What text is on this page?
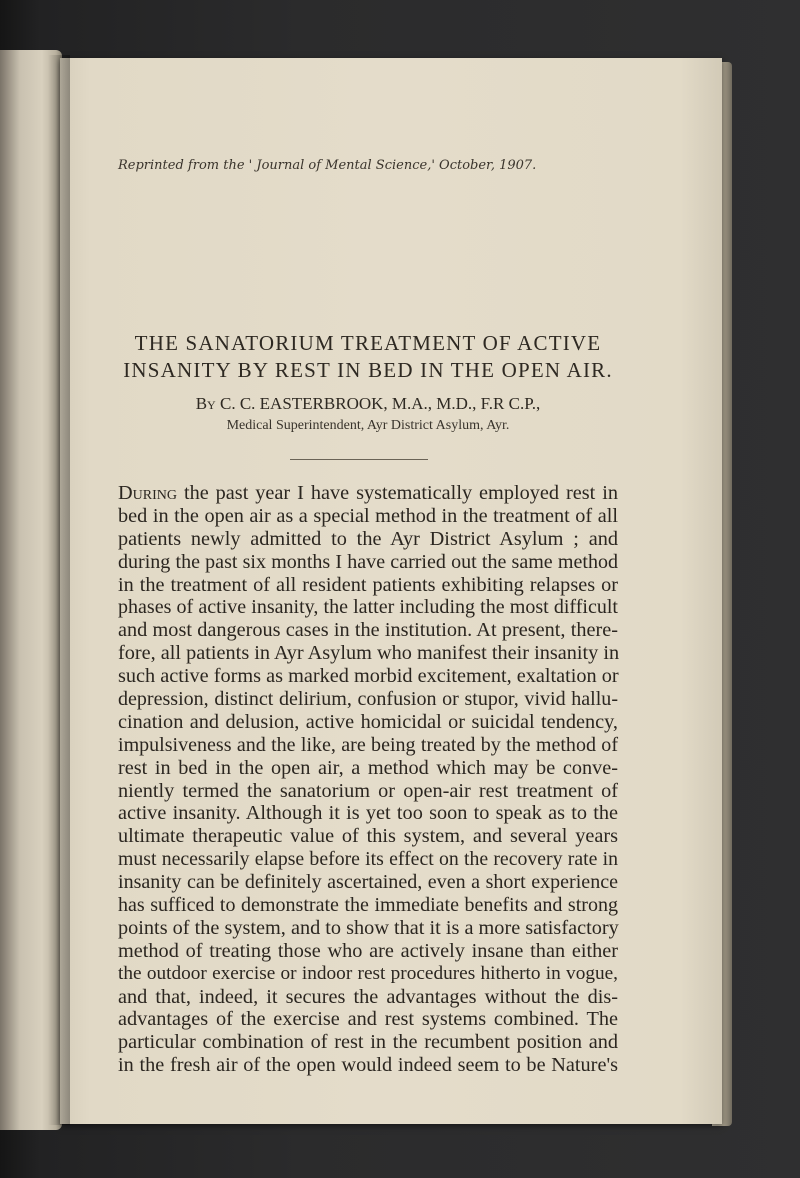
Reprinted from the ' Journal of Mental Science,' October, 1907.
THE SANATORIUM TREATMENT OF ACTIVE
INSANITY BY REST IN BED IN THE OPEN AIR.
By C. C. EASTERBROOK, M.A., M.D., F.R C.P.,
Medical Superintendent, Ayr District Asylum, Ayr.
During the past year I have systematically employed rest in
bed in the open air as a special method in the treatment of all
patients newly admitted to the Ayr District Asylum ; and
during the past six months I have carried out the same method
in the treatment of all resident patients exhibiting relapses or
phases of active insanity, the latter including the most difficult
and most dangerous cases in the institution. At present, there-
fore, all patients in Ayr Asylum who manifest their insanity in
such active forms as marked morbid excitement, exaltation or
depression, distinct delirium, confusion or stupor, vivid hallu-
cination and delusion, active homicidal or suicidal tendency,
impulsiveness and the like, are being treated by the method of
rest in bed in the open air, a method which may be conve-
niently termed the sanatorium or open-air rest treatment of
active insanity. Although it is yet too soon to speak as to the
ultimate therapeutic value of this system, and several years
must necessarily elapse before its effect on the recovery rate in
insanity can be definitely ascertained, even a short experience
has sufficed to demonstrate the immediate benefits and strong
points of the system, and to show that it is a more satisfactory
method of treating those who are actively insane than either
the outdoor exercise or indoor rest procedures hitherto in vogue,
and that, indeed, it secures the advantages without the dis-
advantages of the exercise and rest systems combined. The
particular combination of rest in the recumbent position and
in the fresh air of the open would indeed seem to be Nature's
